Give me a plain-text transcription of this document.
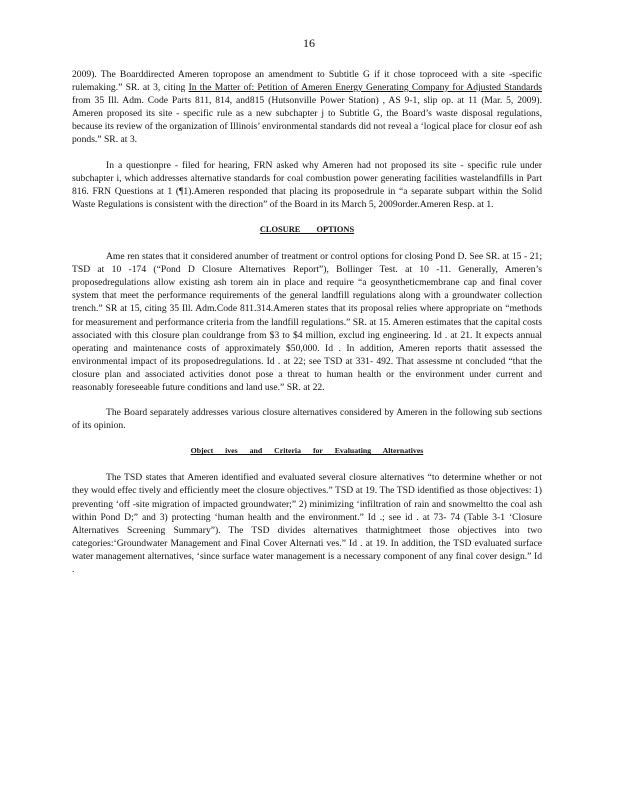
16

2009). The Boarddirected Ameren topropose an amendment to Subtitle G if it chose toproceed with a site -specific rulemaking.” SR. at 3, citing In the Matter of: Petition of Ameren Energy Generating Company for Adjusted Standards from 35 Ill. Adm. Code Parts 811, 814, and815 (Hutsonville Power Station) , AS 9-1, slip op. at 11 (Mar. 5, 2009). Ameren proposed its site - specific rule as a new subchapter j to Subtitle G, the Board’s waste disposal regulations, because its review of the organization of Illinois’ environmental standards did not reveal a ‘logical place for closur eof ash ponds.” SR. at 3.

In a questionpre - filed for hearing, FRN asked why Ameren had not proposed its site - specific rule under subchapter i, which addresses alternative standards for coal combustion power generating facilities wastelandfills in Part 816. FRN Questions at 1 (¶1).Ameren responded that placing its proposedrule in “a separate subpart within the Solid Waste Regulations is consistent with the direction” of the Board in its March 5, 2009order.Ameren Resp. at 1.

CLOSURE OPTIONS

Ame ren states that it considered anumber of treatment or control options for closing Pond D. See SR. at 15 - 21; TSD at 10 -174 (“Pond D Closure Alternatives Report”), Bollinger Test. at 10 -11. Generally, Ameren’s proposedregulations allow existing ash torem ain in place and require “a geosyntheticmembrane cap and final cover system that meet the performance requirements of the general landfill regulations along with a groundwater collection trench.” SR at 15, citing 35 Ill. Adm.Code 811.314.Ameren states that its proposal relies where appropriate on “methods for measurement and performance criteria from the landfill regulations.” SR. at 15. Ameren estimates that the capital costs associated with this closure plan couldrange from $3 to $4 million, exclud ing engineering. Id . at 21. It expects annual operating and maintenance costs of approximately $50,000. Id . In addition, Ameren reports thatit assessed the environmental impact of its proposedregulations. Id . at 22; see TSD at 331- 492. That assessme nt concluded “that the closure plan and associated activities donot pose a threat to human health or the environment under current and reasonably foreseeable future conditions and land use.” SR. at 22.

The Board separately addresses various closure alternatives considered by Ameren in the following sub sections of its opinion.

Object ives and Criteria for Evaluating Alternatives

The TSD states that Ameren identified and evaluated several closure alternatives “to determine whether or not they would effec tively and efficiently meet the closure objectives.” TSD at 19. The TSD identified as those objectives: 1) preventing ‘off -site migration of impacted groundwater;” 2) minimizing ‘infiltration of rain and snowmeltto the coal ash within Pond D;” and 3) protecting ‘human health and the environment.” Id .; see id . at 73- 74 (Table 3-1 ‘Closure Alternatives Screening Summary”). The TSD divides alternatives thatmightmeet those objectives into two categories:‘Groundwater Management and Final Cover Alternati ves.” Id . at 19. In addition, the TSD evaluated surface water management alternatives, ‘since surface water management is a necessary component of any final cover design.” Id .
